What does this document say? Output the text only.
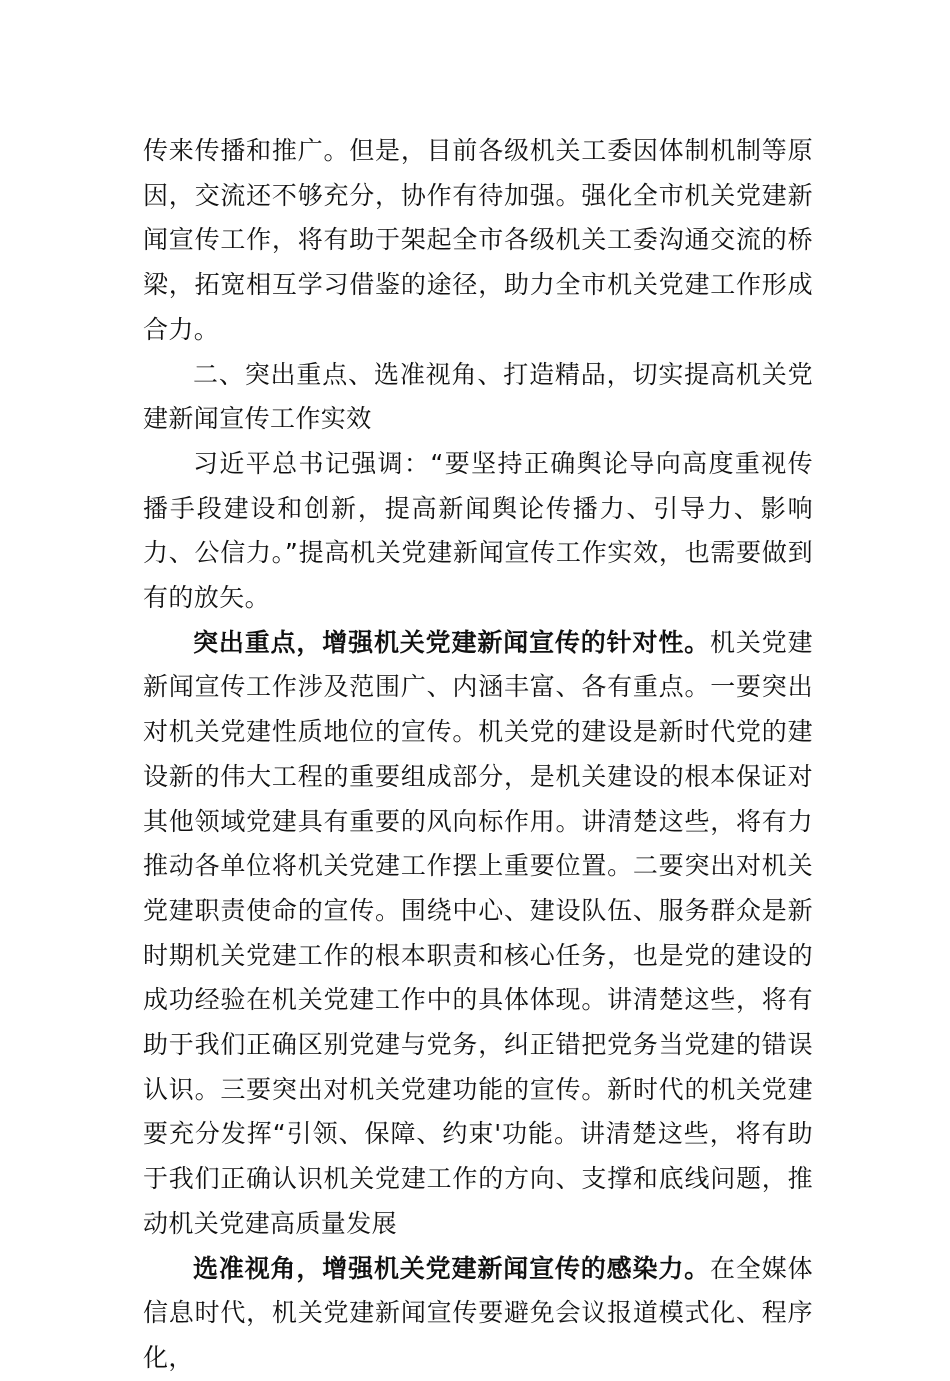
传来传播和推广。但是，目前各级机关工委因体制机制等原因，交流还不够充分，协作有待加强。强化全市机关党建新闻宣传工作，将有助于架起全市各级机关工委沟通交流的桥梁，拓宽相互学习借鉴的途径，助力全市机关党建工作形成合力。

二、突出重点、选准视角、打造精品，切实提高机关党建新闻宣传工作实效

习近平总书记强调：“要坚持正确舆论导向高度重视传播手段建设和创新，提高新闻舆论传播力、引导力、影响力、公信力。”提高机关党建新闻宣传工作实效，也需要做到有的放矢。

突出重点，增强机关党建新闻宣传的针对性。机关党建新闻宣传工作涉及范围广、内涵丰富、各有重点。一要突出对机关党建性质地位的宣传。机关党的建设是新时代党的建设新的伟大工程的重要组成部分，是机关建设的根本保证对其他领域党建具有重要的风向标作用。讲清楚这些，将有力推动各单位将机关党建工作摆上重要位置。二要突出对机关党建职责使命的宣传。围绕中心、建设队伍、服务群众是新时期机关党建工作的根本职责和核心任务，也是党的建设的成功经验在机关党建工作中的具体体现。讲清楚这些，将有助于我们正确区别党建与党务，纠正错把党务当党建的错误认识。三要突出对机关党建功能的宣传。新时代的机关党建要充分发挥“引领、保障、约束'功能。讲清楚这些，将有助于我们正确认识机关党建工作的方向、支撑和底线问题，推动机关党建高质量发展

选准视角，增强机关党建新闻宣传的感染力。在全媒体信息时代，机关党建新闻宣传要避免会议报道模式化、程序化，
